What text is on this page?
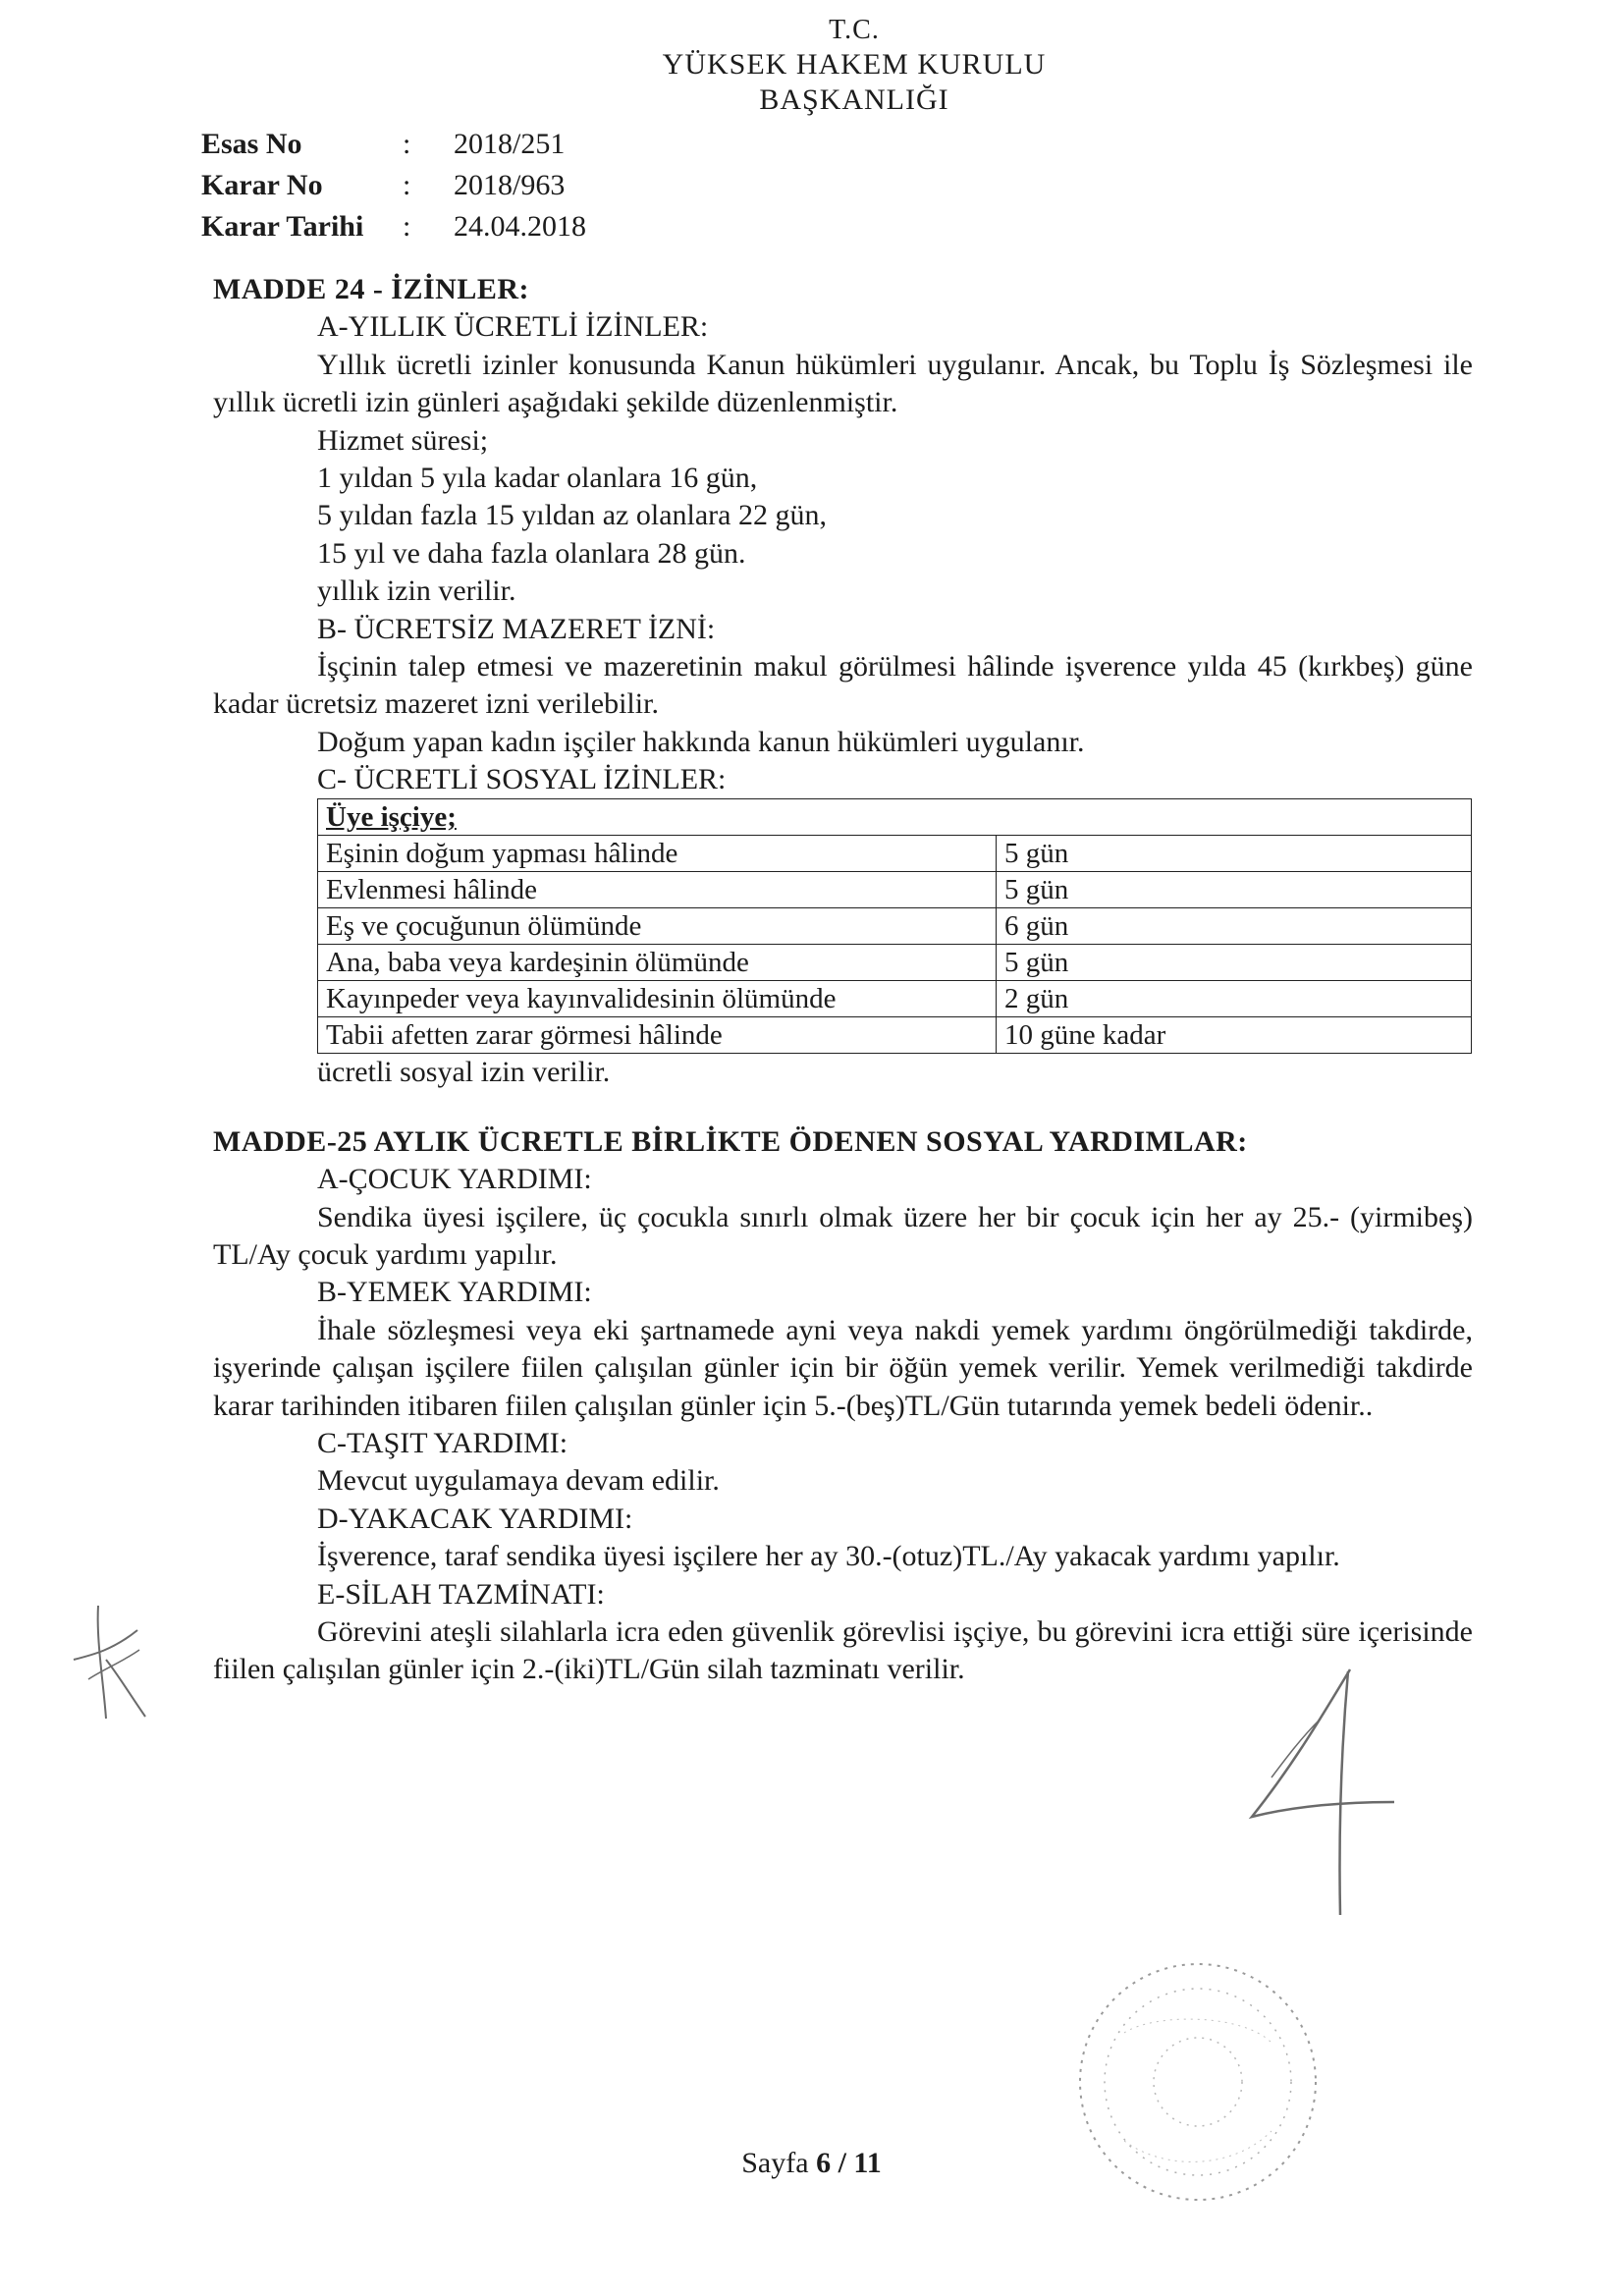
T.C.
YÜKSEK HAKEM KURULU
BAŞKANLIĞI
Esas No	:	2018/251
Karar No	:	2018/963
Karar Tarihi	:	24.04.2018
MADDE 24 - İZİNLER:
A-YILLIK ÜCRETLİ İZİNLER:
Yıllık ücretli izinler konusunda Kanun hükümleri uygulanır. Ancak, bu Toplu İş Sözleşmesi ile yıllık ücretli izin günleri aşağıdaki şekilde düzenlenmiştir.
Hizmet süresi;
1 yıldan 5 yıla kadar olanlara 16 gün,
5 yıldan fazla 15 yıldan az olanlara 22 gün,
15 yıl ve daha fazla olanlara 28 gün.
yıllık izin verilir.
B- ÜCRETSİZ MAZERET İZNİ:
İşçinin talep etmesi ve mazeretinin makul görülmesi hâlinde işverence yılda 45 (kırkbeş) güne kadar ücretsiz mazeret izni verilebilir.
Doğum yapan kadın işçiler hakkında kanun hükümleri uygulanır.
C- ÜCRETLİ SOSYAL İZİNLER:
Üye işçiye;	
Eşinin doğum yapması hâlinde	5 gün
Evlenmesi hâlinde	5 gün
Eş ve çocuğunun ölümünde	6 gün
Ana, baba veya kardeşinin ölümünde	5 gün
Kayınpeder veya kayınvalidesinin ölümünde	2 gün
Tabii afetten zarar görmesi hâlinde	10 güne kadar
ücretli sosyal izin verilir.
MADDE-25 AYLIK ÜCRETLE BİRLİKTE ÖDENEN SOSYAL YARDIMLAR:
A-ÇOCUK YARDIMI:
Sendika üyesi işçilere, üç çocukla sınırlı olmak üzere her bir çocuk için her ay 25.- (yirmibeş) TL/Ay çocuk yardımı yapılır.
B-YEMEK YARDIMI:
İhale sözleşmesi veya eki şartnamede ayni veya nakdi yemek yardımı öngörülmediği takdirde, işyerinde çalışan işçilere fiilen çalışılan günler için bir öğün yemek verilir. Yemek verilmediği takdirde karar tarihinden itibaren fiilen çalışılan günler için 5.-(beş)TL/Gün tutarında yemek bedeli ödenir..
C-TAŞIT YARDIMI:
Mevcut uygulamaya devam edilir.
D-YAKACAK YARDIMI:
İşverence, taraf sendika üyesi işçilere her ay 30.-(otuz)TL./Ay yakacak yardımı yapılır.
E-SİLAH TAZMİNATI:
Görevini ateşli silahlarla icra eden güvenlik görevlisi işçiye, bu görevini icra ettiği süre içerisinde fiilen çalışılan günler için 2.-(iki)TL/Gün silah tazminatı verilir.
Sayfa 6 / 11
